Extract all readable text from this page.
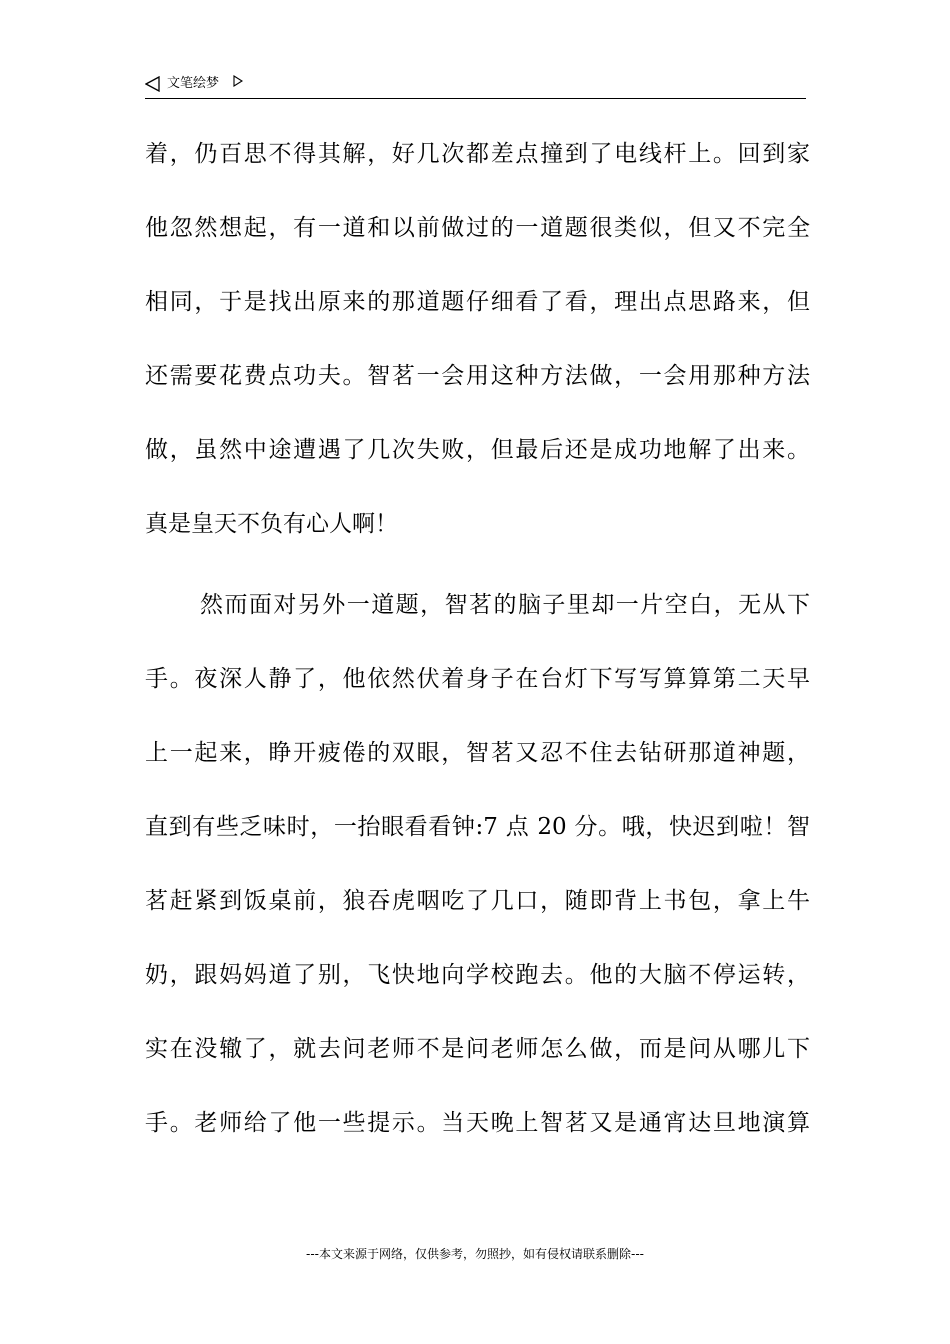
文笔绘梦
着，仍百思不得其解，好几次都差点撞到了电线杆上。回到家
他忽然想起，有一道和以前做过的一道题很类似，但又不完全
相同，于是找出原来的那道题仔细看了看，理出点思路来，但
还需要花费点功夫。智茗一会用这种方法做，一会用那种方法
做，虽然中途遭遇了几次失败，但最后还是成功地解了出来。
真是皇天不负有心人啊！
然而面对另外一道题，智茗的脑子里却一片空白，无从下
手。夜深人静了，他依然伏着身子在台灯下写写算算第二天早
上一起来，睁开疲倦的双眼，智茗又忍不住去钻研那道神题，
直到有些乏味时，一抬眼看看钟:7 点 20 分。哦，快迟到啦！智
茗赶紧到饭桌前，狼吞虎咽吃了几口，随即背上书包，拿上牛
奶，跟妈妈道了别，飞快地向学校跑去。他的大脑不停运转，
实在没辙了，就去问老师不是问老师怎么做，而是问从哪儿下
手。老师给了他一些提示。当天晚上智茗又是通宵达旦地演算
---本文来源于网络，仅供参考，勿照抄，如有侵权请联系删除---
